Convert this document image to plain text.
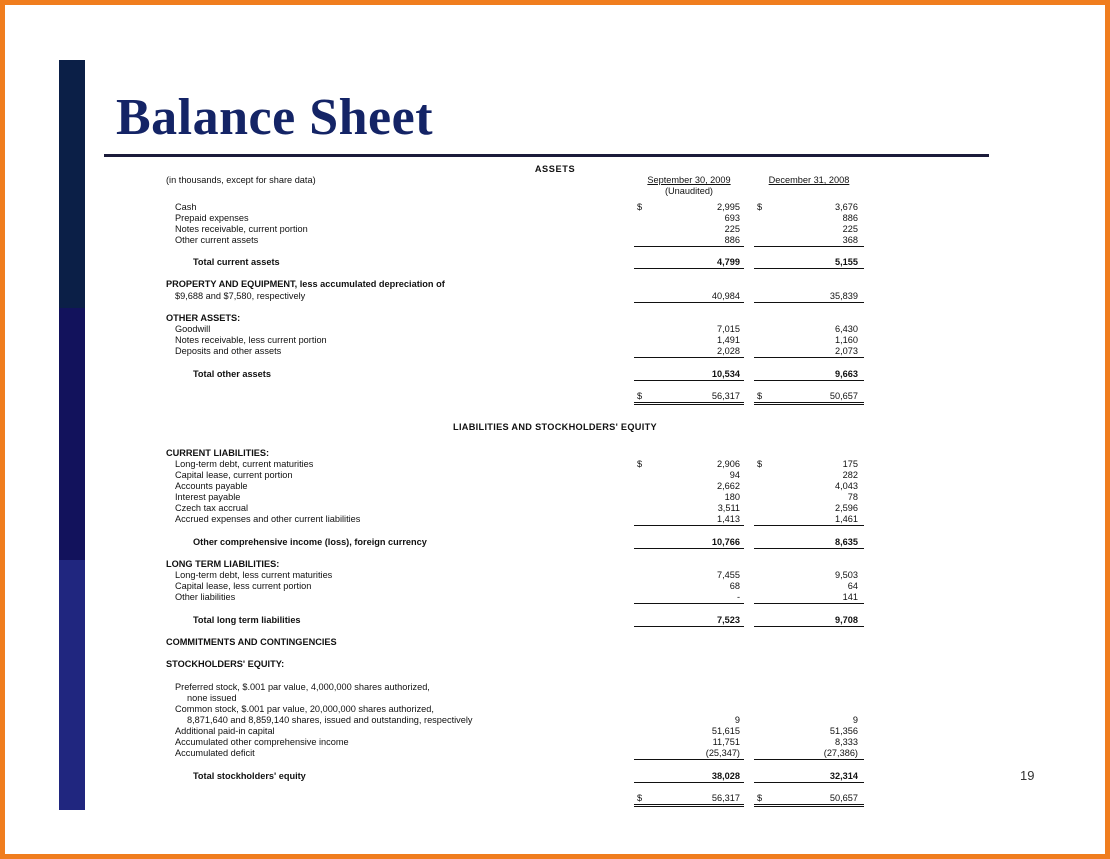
Balance Sheet
ASSETS
(in thousands, except for share data)	September 30, 2009	December 31, 2008
(Unaudited)
LIABILITIES AND STOCKHOLDERS' EQUITY
Cash	$	2,995 $	3,676
Prepaid expenses	693	886
Notes receivable, current portion	225	225
Other current assets	886	368
Total current assets	4,799	5,155
PROPERTY AND EQUIPMENT, less accumulated depreciation of
$9,688 and $7,580, respectively	40,984	35,839
OTHER ASSETS:
Goodwill	7,015	6,430
Notes receivable, less current portion	1,491	1,160
Deposits and other assets	2,028	2,073
Total other assets	10,534	9,663
$	56,317 $	50,657
CURRENT LIABILITIES:
Long-term debt, current maturities	$	2,906 $	175
Capital lease, current portion	94	282
Accounts payable	2,662	4,043
Interest payable	180	78
Czech tax accrual	3,511	2,596
Accrued expenses and other current liabilities	1,413	1,461
Other comprehensive income (loss), foreign currency	10,766	8,635
LONG TERM LIABILITIES:
Long-term debt, less current maturities	7,455	9,503
Capital lease, less current portion	68	64
Other liabilities	-	141
Total long term liabilities	7,523	9,708
COMMITMENTS AND CONTINGENCIES
STOCKHOLDERS' EQUITY:
Preferred stock, $.001 par value, 4,000,000 shares authorized,
none issued
Common stock, $.001 par value, 20,000,000 shares authorized,
8,871,640 and 8,859,140 shares, issued and outstanding, respectively	9	9
Additional paid-in capital	51,615	51,356
Accumulated other comprehensive income	11,751	8,333
Accumulated deficit	(25,347)	(27,386)
Total stockholders' equity	38,028	32,314
$	56,317 $	50,657
19
